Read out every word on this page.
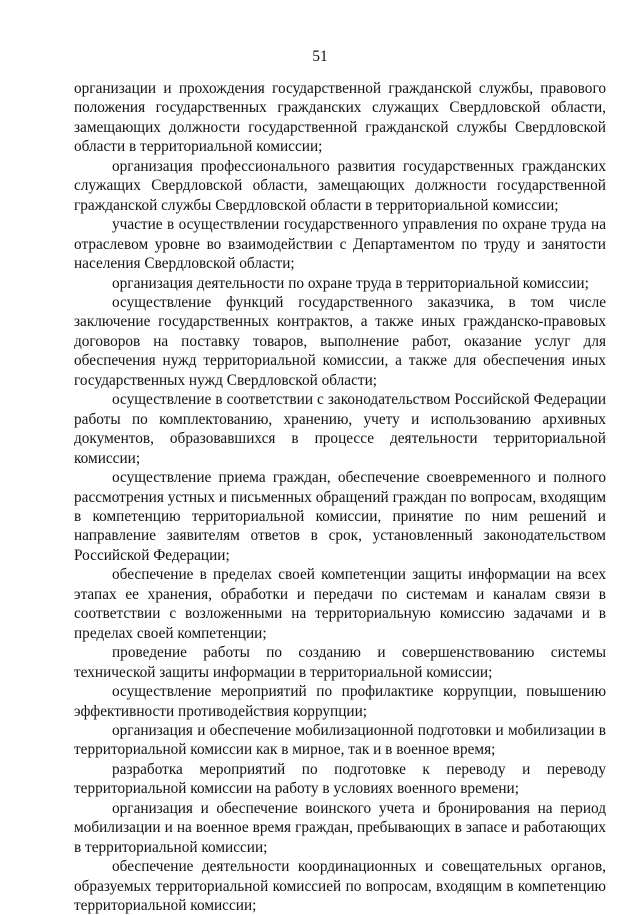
51

организации и прохождения государственной гражданской службы, правового положения государственных гражданских служащих Свердловской области, замещающих должности государственной гражданской службы Свердловской области в территориальной комиссии;

организация профессионального развития государственных гражданских служащих Свердловской области, замещающих должности государственной гражданской службы Свердловской области в территориальной комиссии;

участие в осуществлении государственного управления по охране труда на отраслевом уровне во взаимодействии с Департаментом по труду и занятости населения Свердловской области;

организация деятельности по охране труда в территориальной комиссии;

осуществление функций государственного заказчика, в том числе заключение государственных контрактов, а также иных гражданско-правовых договоров на поставку товаров, выполнение работ, оказание услуг для обеспечения нужд территориальной комиссии, а также для обеспечения иных государственных нужд Свердловской области;

осуществление в соответствии с законодательством Российской Федерации работы по комплектованию, хранению, учету и использованию архивных документов, образовавшихся в процессе деятельности территориальной комиссии;

осуществление приема граждан, обеспечение своевременного и полного рассмотрения устных и письменных обращений граждан по вопросам, входящим в компетенцию территориальной комиссии, принятие по ним решений и направление заявителям ответов в срок, установленный законодательством Российской Федерации;

обеспечение в пределах своей компетенции защиты информации на всех этапах ее хранения, обработки и передачи по системам и каналам связи в соответствии с возложенными на территориальную комиссию задачами и в пределах своей компетенции;

проведение работы по созданию и совершенствованию системы технической защиты информации в территориальной комиссии;

осуществление мероприятий по профилактике коррупции, повышению эффективности противодействия коррупции;

организация и обеспечение мобилизационной подготовки и мобилизации в территориальной комиссии как в мирное, так и в военное время;

разработка мероприятий по подготовке к переводу и переводу территориальной комиссии на работу в условиях военного времени;

организация и обеспечение воинского учета и бронирования на период мобилизации и на военное время граждан, пребывающих в запасе и работающих в территориальной комиссии;

обеспечение деятельности координационных и совещательных органов, образуемых территориальной комиссией по вопросам, входящим в компетенцию территориальной комиссии;
